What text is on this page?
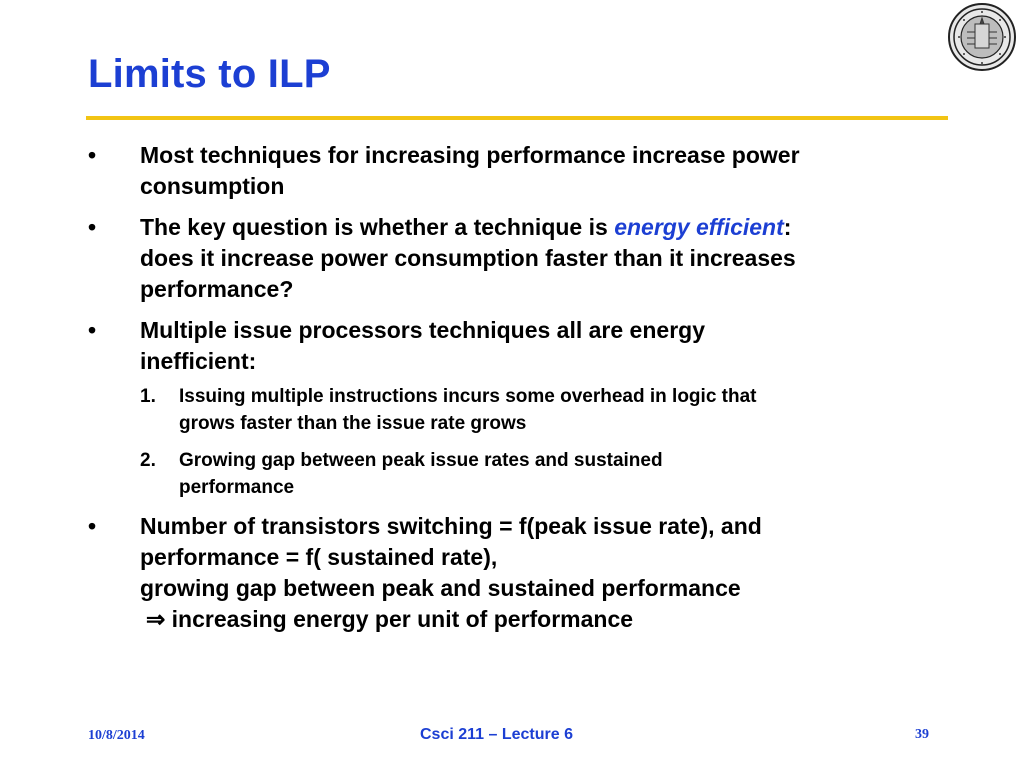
Limits to ILP
• Most techniques for increasing performance increase power
consumption
• The key question is whether a technique is energy efficient:
does it increase power consumption faster than it increases
performance?
• Multiple issue processors techniques all are energy
inefficient:
1. Issuing multiple instructions incurs some overhead in logic that
grows faster than the issue rate grows
2. Growing gap between peak issue rates and sustained
performance
• Number of transistors switching = f(peak issue rate), and
performance = f( sustained rate),
growing gap between peak and sustained performance
⇒ increasing energy per unit of performance
10/8/2014	Csci 211 – Lecture 6	39
